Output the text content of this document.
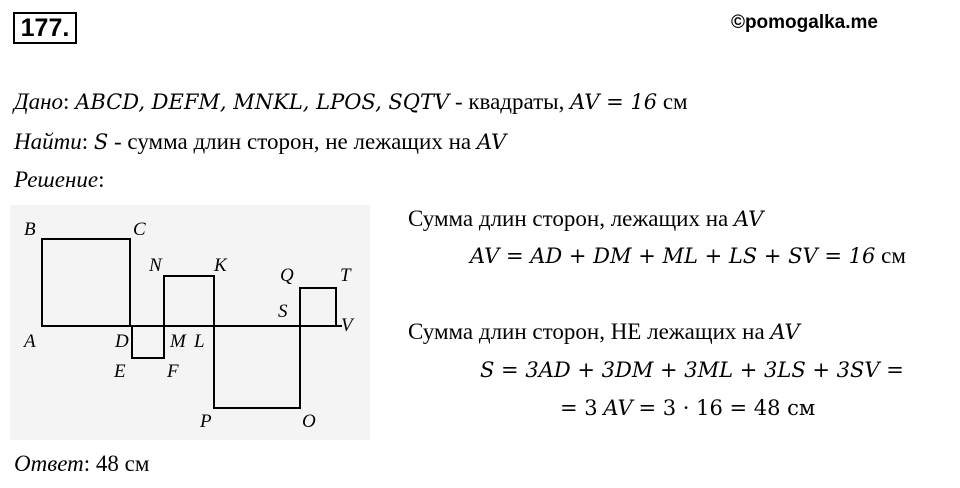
177.	©pomogalka.me
Дано: ABCD, DEFM, MNKL, LPOS, SQTV - квадраты, AV = 16 см
Найти: S - сумма длин сторон, не лежащих на AV
Решение:
B	C
A	D
E F
M
N	K
L
P	O
S
Q T
V
Сумма длин сторон, лежащих на AV
AV = AD + DM + ML + LS + SV = 16 см
Сумма длин сторон, НЕ лежащих на AV
S = 3AD + 3DM + 3ML + 3LS + 3SV =
= 3 AV = 3 · 16 = 48 см
Ответ: 48 см
